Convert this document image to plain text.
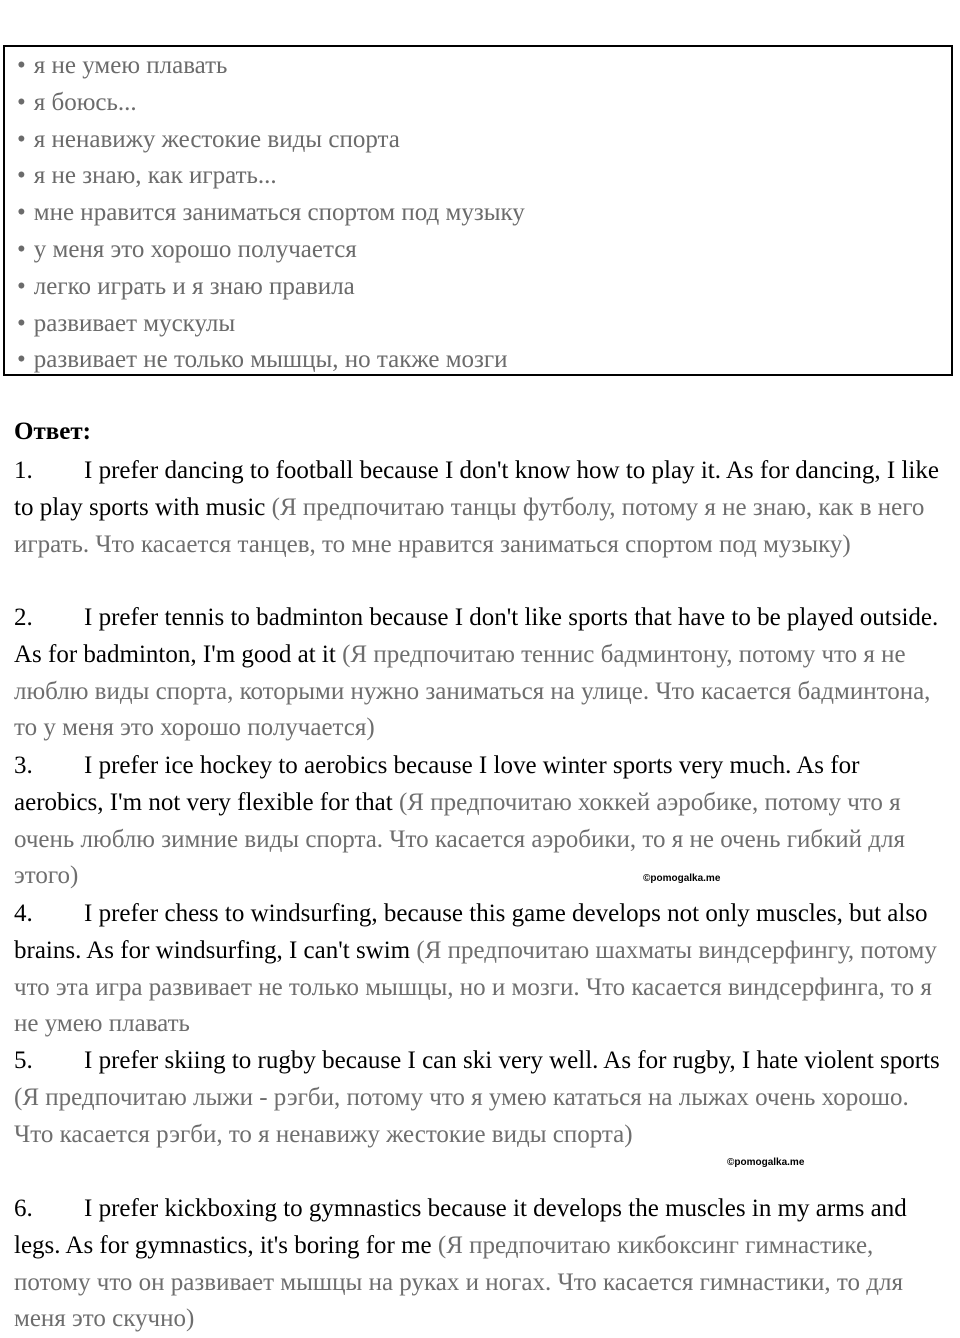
• я не умею плавать
• я боюсь...
• я ненавижу жестокие виды спорта
• я не знаю, как играть...
• мне нравится заниматься спортом под музыку
• у меня это хорошо получается
• легко играть и я знаю правила
• развивает мускулы
• развивает не только мышцы, но также мозги
Ответ:
1. I prefer dancing to football because I don't know how to play it. As for dancing, I like to play sports with music (Я предпочитаю танцы футболу, потому я не знаю, как в него играть. Что касается танцев, то мне нравится заниматься спортом под музыку)
2. I prefer tennis to badminton because I don't like sports that have to be played outside. As for badminton, I'm good at it (Я предпочитаю теннис бадминтону, потому что я не люблю виды спорта, которыми нужно заниматься на улице. Что касается бадминтона, то у меня это хорошо получается)
3. I prefer ice hockey to aerobics because I love winter sports very much. As for aerobics, I'm not very flexible for that (Я предпочитаю хоккей аэробике, потому что я очень люблю зимние виды спорта. Что касается аэробики, то я не очень гибкий для этого)
4. I prefer chess to windsurfing, because this game develops not only muscles, but also brains. As for windsurfing, I can't swim (Я предпочитаю шахматы виндсерфингу, потому что эта игра развивает не только мышцы, но и мозги. Что касается виндсерфинга, то я не умею плавать
5. I prefer skiing to rugby because I can ski very well. As for rugby, I hate violent sports (Я предпочитаю лыжи - рэгби, потому что я умею кататься на лыжах очень хорошо. Что касается рэгби, то я ненавижу жестокие виды спорта)
6. I prefer kickboxing to gymnastics because it develops the muscles in my arms and legs. As for gymnastics, it's boring for me (Я предпочитаю кикбоксинг гимнастике, потому что он развивает мышцы на руках и ногах. Что касается гимнастики, то для меня это скучно)
©pomogalka.me
©pomogalka.me
